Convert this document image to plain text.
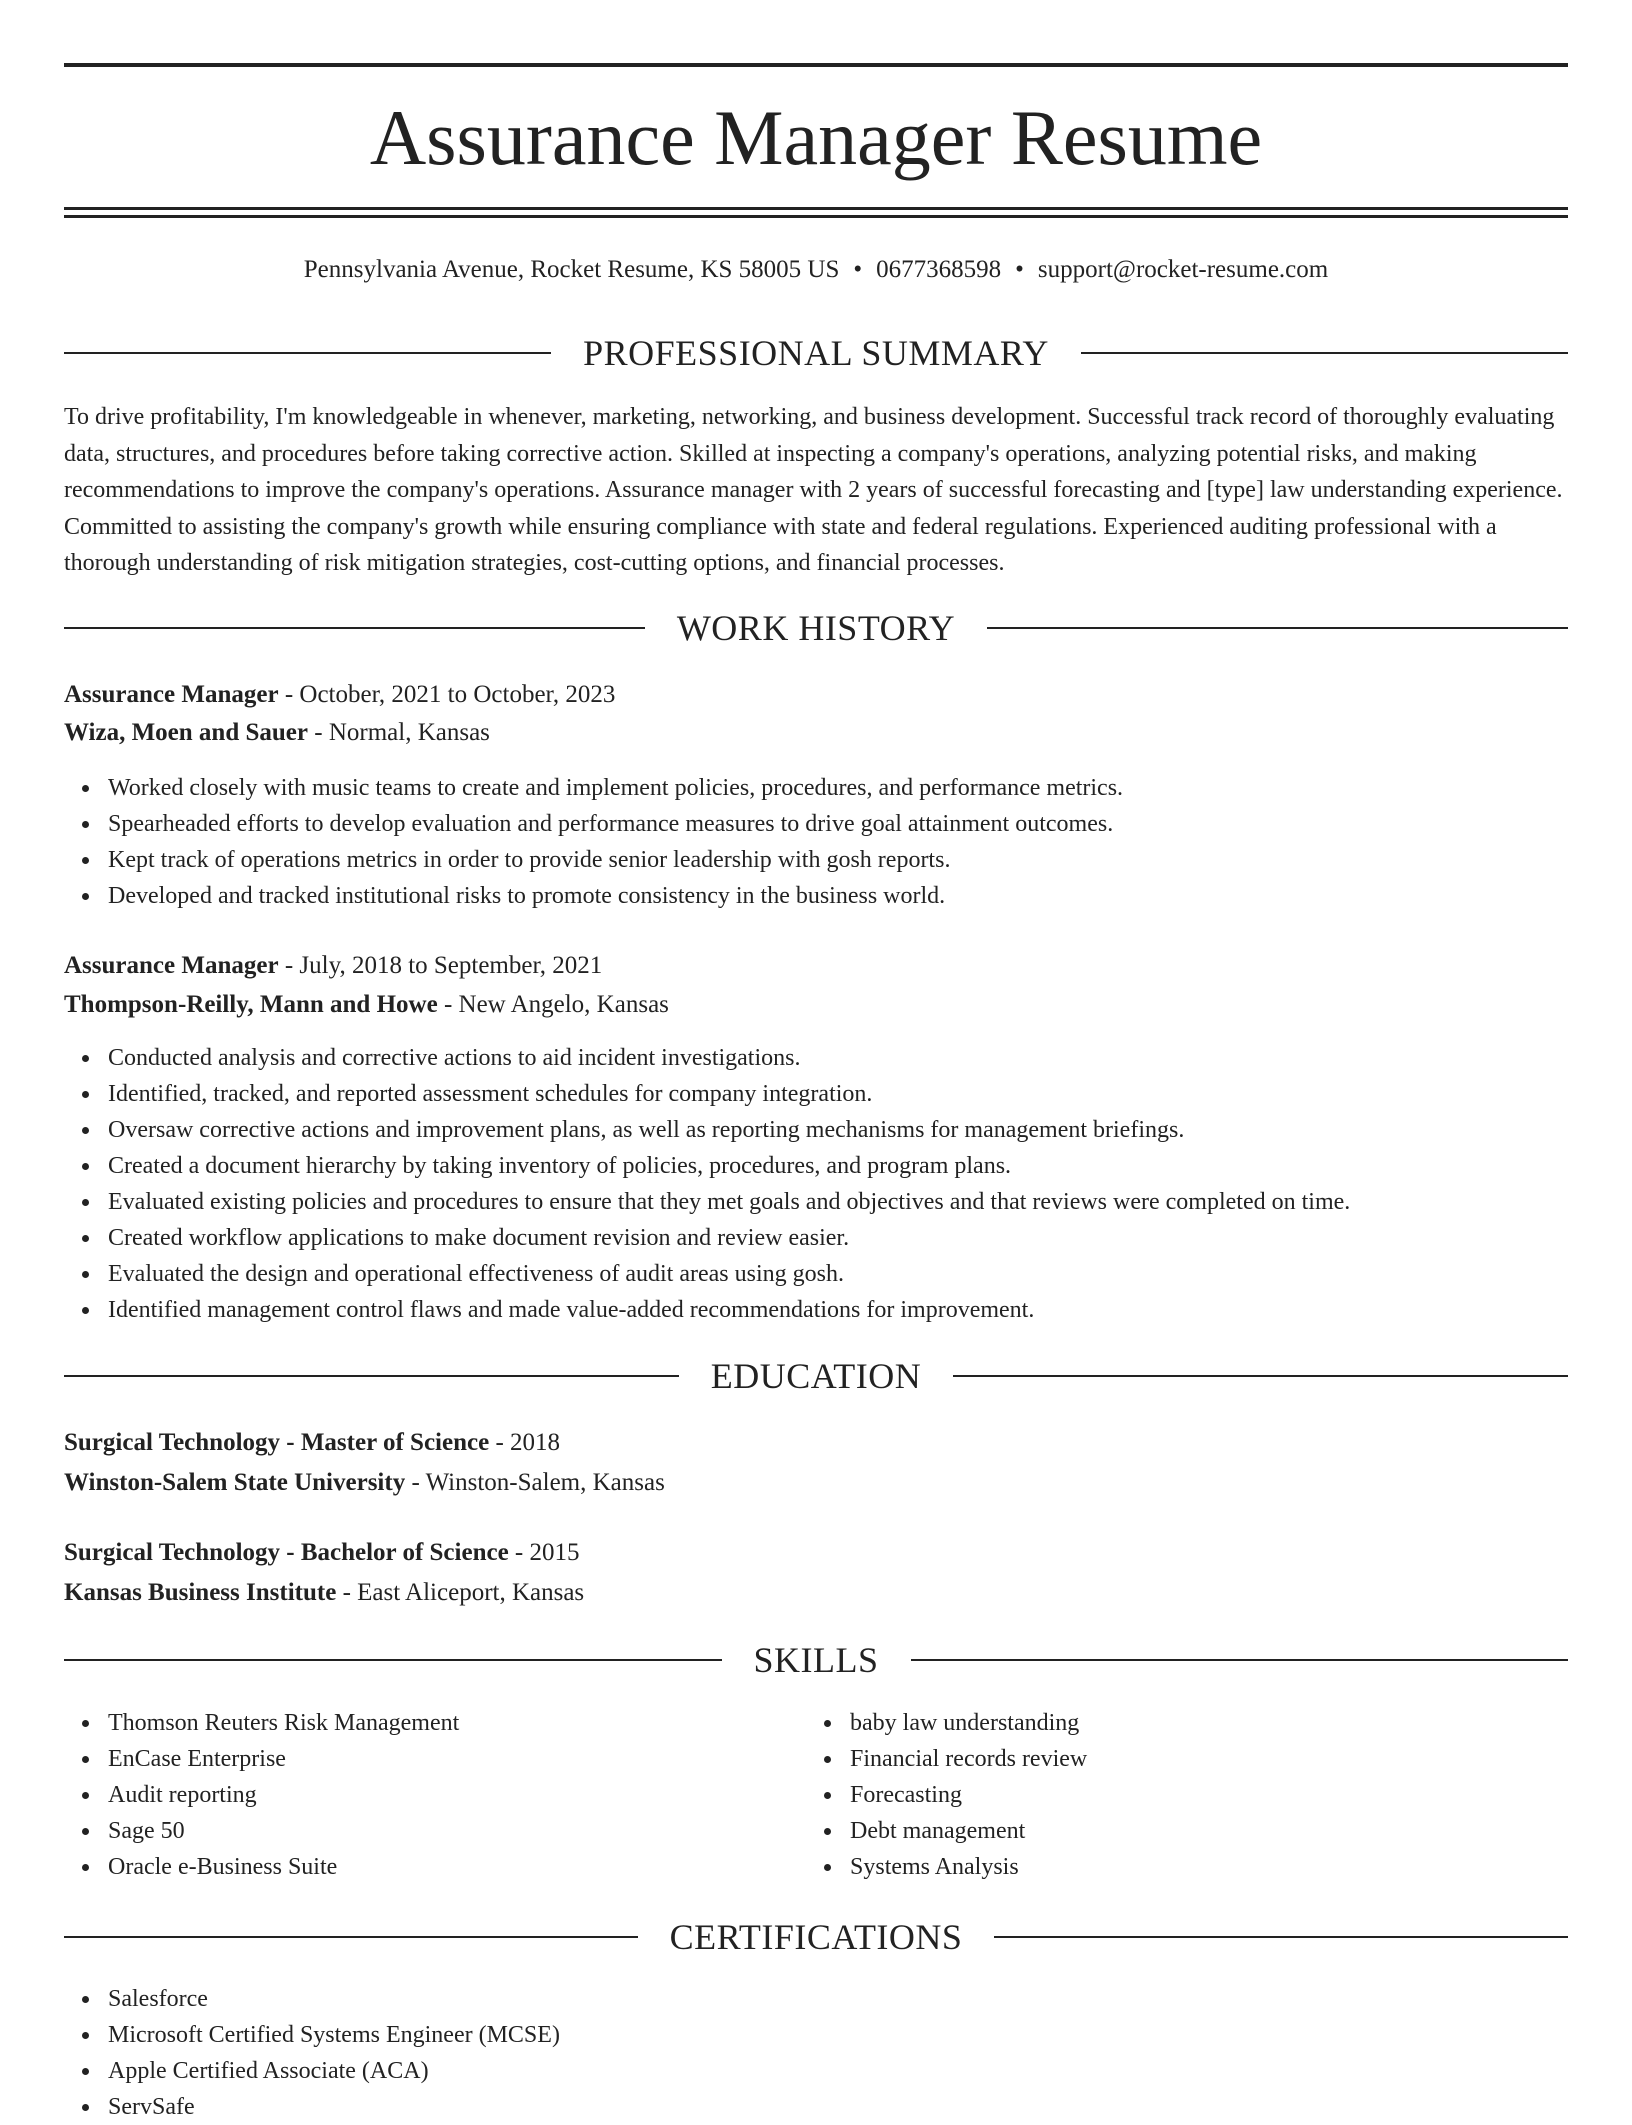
Assurance Manager Resume
Pennsylvania Avenue, Rocket Resume, KS 58005 US • 0677368598 • support@rocket-resume.com
PROFESSIONAL SUMMARY

To drive profitability, I'm knowledgeable in whenever, marketing, networking, and business development. Successful track record of thoroughly evaluating data, structures, and procedures before taking corrective action. Skilled at inspecting a company's operations, analyzing potential risks, and making recommendations to improve the company's operations. Assurance manager with 2 years of successful forecasting and [type] law understanding experience. Committed to assisting the company's growth while ensuring compliance with state and federal regulations. Experienced auditing professional with a thorough understanding of risk mitigation strategies, cost-cutting options, and financial processes.

WORK HISTORY
Assurance Manager - October, 2021 to October, 2023
Wiza, Moen and Sauer - Normal, Kansas
Worked closely with music teams to create and implement policies, procedures, and performance metrics.
Spearheaded efforts to develop evaluation and performance measures to drive goal attainment outcomes.
Kept track of operations metrics in order to provide senior leadership with gosh reports.
Developed and tracked institutional risks to promote consistency in the business world.
Assurance Manager - July, 2018 to September, 2021
Thompson-Reilly, Mann and Howe - New Angelo, Kansas
Conducted analysis and corrective actions to aid incident investigations.
Identified, tracked, and reported assessment schedules for company integration.
Oversaw corrective actions and improvement plans, as well as reporting mechanisms for management briefings.
Created a document hierarchy by taking inventory of policies, procedures, and program plans.
Evaluated existing policies and procedures to ensure that they met goals and objectives and that reviews were completed on time.
Created workflow applications to make document revision and review easier.
Evaluated the design and operational effectiveness of audit areas using gosh.
Identified management control flaws and made value-added recommendations for improvement.
EDUCATION
Surgical Technology - Master of Science - 2018
Winston-Salem State University - Winston-Salem, Kansas
Surgical Technology - Bachelor of Science - 2015
Kansas Business Institute - East Aliceport, Kansas
SKILLS
Thomson Reuters Risk Management
EnCase Enterprise
Audit reporting
Sage 50
Oracle e-Business Suite
baby law understanding
Financial records review
Forecasting
Debt management
Systems Analysis
CERTIFICATIONS
Salesforce
Microsoft Certified Systems Engineer (MCSE)
Apple Certified Associate (ACA)
ServSafe
